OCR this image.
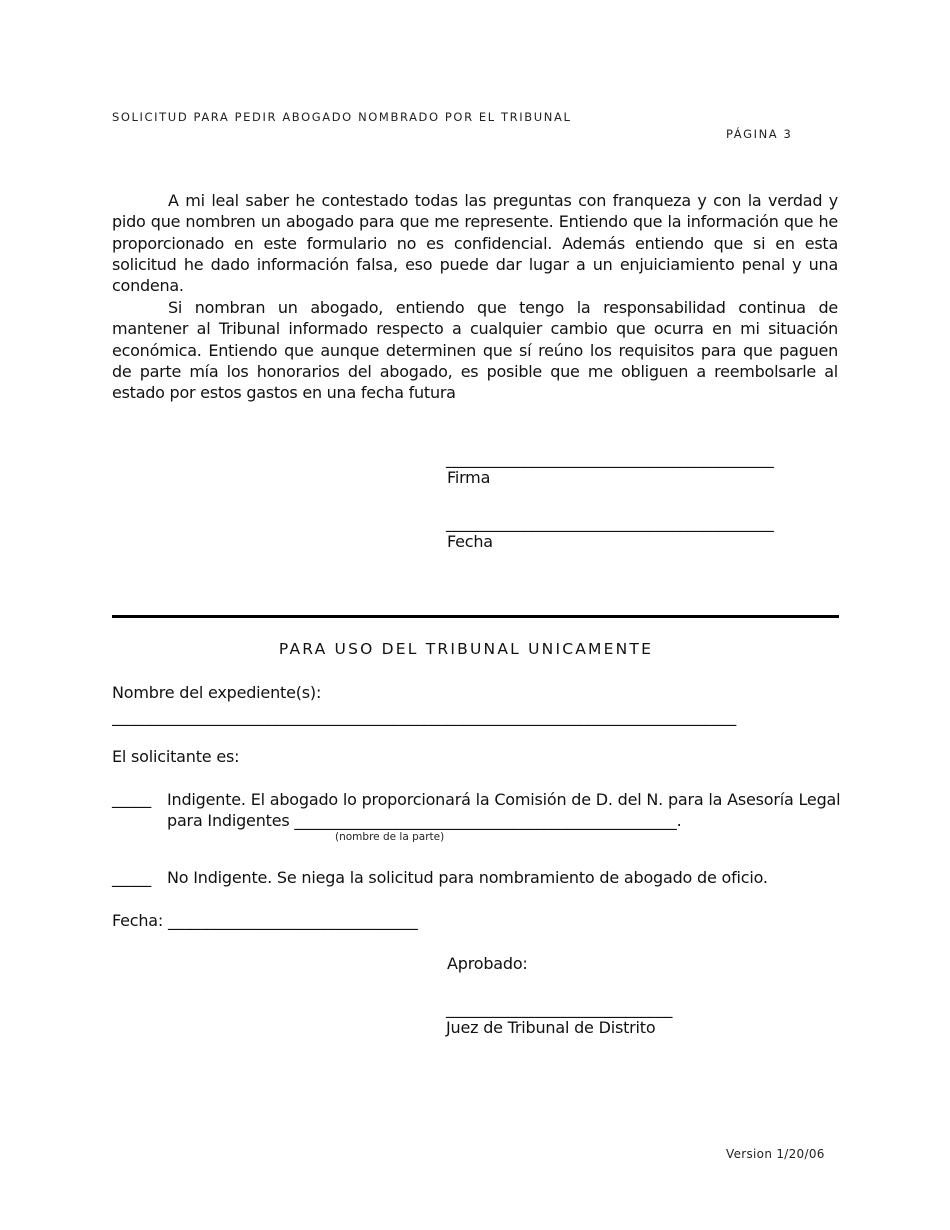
SOLICITUD PARA PEDIR ABOGADO NOMBRADO POR EL TRIBUNAL
PÁGINA 3
A mi leal saber he contestado todas las preguntas con franqueza y con la verdad y pido que nombren un abogado para que me represente. Entiendo que la información que he proporcionado en este formulario no es confidencial. Además entiendo que si en esta solicitud he dado información falsa, eso puede dar lugar a un enjuiciamiento penal y una condena.
Si nombran un abogado, entiendo que tengo la responsabilidad continua de mantener al Tribunal informado respecto a cualquier cambio que ocurra en mi situación económica. Entiendo que aunque determinen que sí reúno los requisitos para que paguen de parte mía los honorarios del abogado, es posible que me obliguen a reembolsarle al estado por estos gastos en una fecha futura
__________________________________________
Firma
__________________________________________
Fecha
PARA USO DEL TRIBUNAL UNICAMENTE
Nombre del expediente(s):
________________________________________________________________________________
El solicitante es:
_____ Indigente. El abogado lo proporcionará la Comisión de D. del N. para la Asesoría Legal
para Indigentes _________________________________________________.
(nombre de la parte)
_____ No Indigente. Se niega la solicitud para nombramiento de abogado de oficio.
Fecha: ________________________________
Aprobado:
_____________________________
Juez de Tribunal de Distrito
Version 1/20/06
